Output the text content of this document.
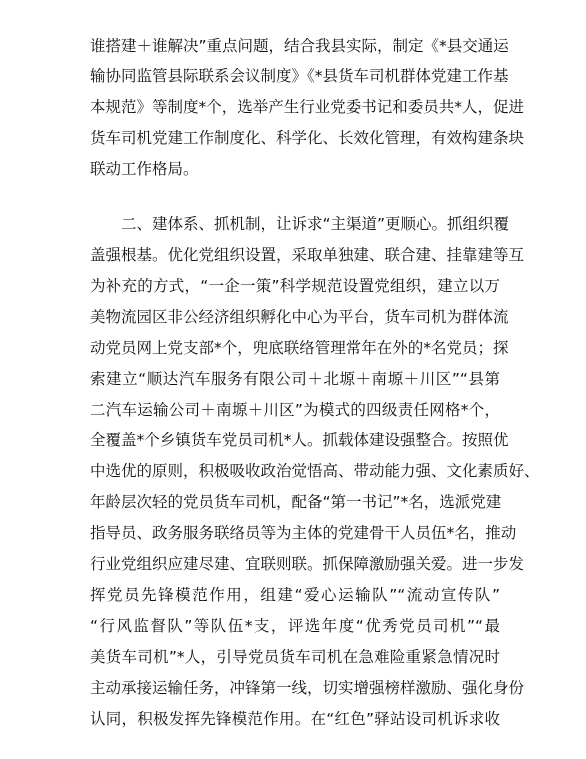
谁搭建＋谁解决”重点问题，结合我县实际，制定《*县交通运
输协同监管县际联系会议制度》《*县货车司机群体党建工作基
本规范》等制度*个，选举产生行业党委书记和委员共*人，促进
货车司机党建工作制度化、科学化、长效化管理，有效构建条块
联动工作格局。
二、建体系、抓机制，让诉求“主渠道”更顺心。抓组织覆
盖强根基。优化党组织设置，采取单独建、联合建、挂靠建等互
为补充的方式，“一企一策”科学规范设置党组织，建立以万
美物流园区非公经济组织孵化中心为平台，货车司机为群体流
动党员网上党支部*个，兜底联络管理常年在外的*名党员；探
索建立“顺达汽车服务有限公司＋北塬＋南塬＋川区”“县第
二汽车运输公司＋南塬＋川区”为模式的四级责任网格*个，
全覆盖*个乡镇货车党员司机*人。抓载体建设强整合。按照优
中选优的原则，积极吸收政治觉悟高、带动能力强、文化素质好、
年龄层次轻的党员货车司机，配备“第一书记”*名，选派党建
指导员、政务服务联络员等为主体的党建骨干人员伍*名，推动
行业党组织应建尽建、宜联则联。抓保障激励强关爱。进一步发
挥党员先锋模范作用，组建“爱心运输队”“流动宣传队”
“行风监督队”等队伍*支，评选年度“优秀党员司机”“最
美货车司机”*人，引导党员货车司机在急难险重紧急情况时
主动承接运输任务，冲锋第一线，切实增强榜样激励、强化身份
认同，积极发挥先锋模范作用。在“红色”驿站设司机诉求收
